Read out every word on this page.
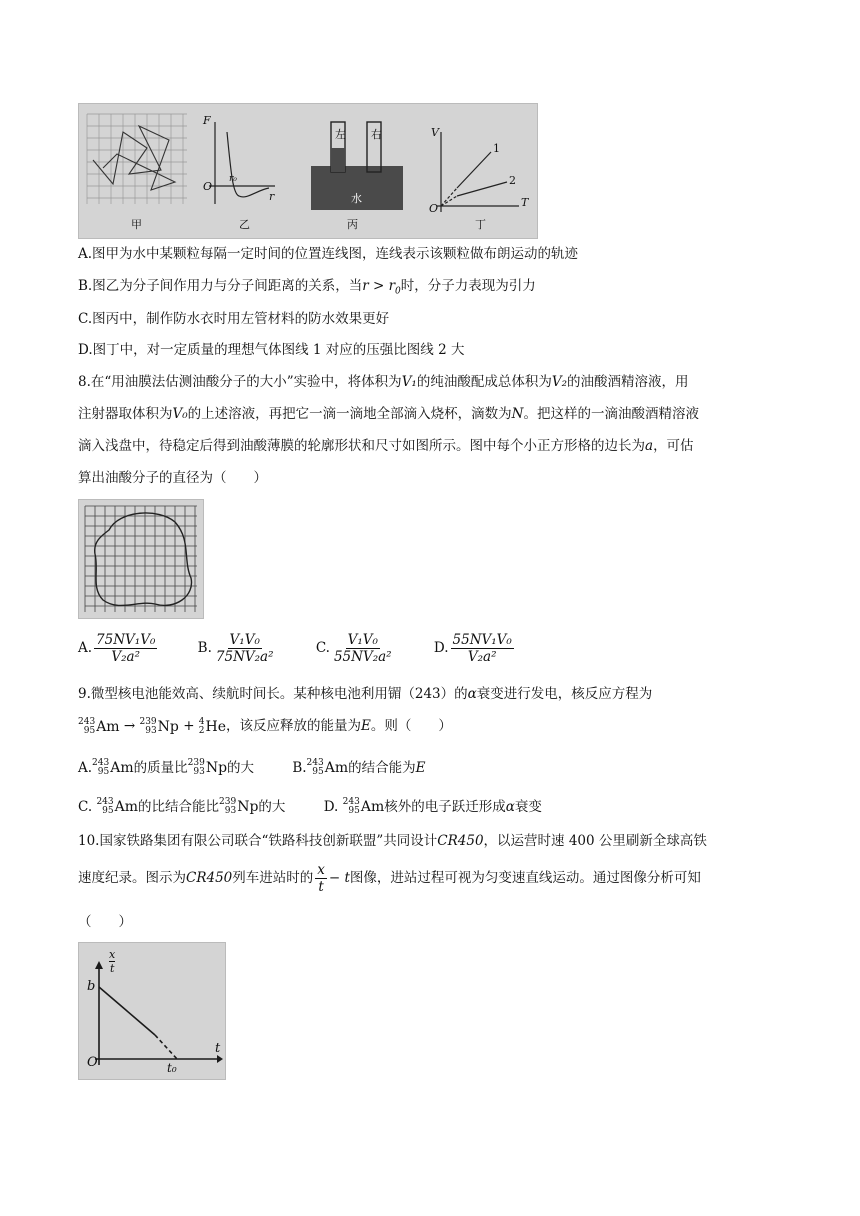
甲	乙	丙	丁
F
O
r₀
r
左 右
水
V
O	T
1
2
A.图甲为水中某颗粒每隔一定时间的位置连线图，连线表示该颗粒做布朗运动的轨迹
B.图乙为分子间作用力与分子间距离的关系，当$r > r_0$时，分子力表现为引力
C.图丙中，制作防水衣时用左管材料的防水效果更好
D.图丁中，对一定质量的理想气体图线 1 对应的压强比图线 2 大
8.在“用油膜法估测油酸分子的大小”实验中，将体积为V₁的纯油酸配成总体积为V₂的油酸酒精溶液，用
注射器取体积为V₀的上述溶液，再把它一滴一滴地全部滴入烧杯，滴数为N。把这样的一滴油酸酒精溶液
滴入浅盘中，待稳定后得到油酸薄膜的轮廓形状和尺寸如图所示。图中每个小正方形格的边长为a，可估
算出油酸分子的直径为（　　）
A. $\frac{\text{75NV₁V₀}}{\text{V₂a²}}$
	B. $\frac{\text{V₁V₀}}{\text{75NV₂a²}}$
	C. $\frac{\text{V₁V₀}}{\text{55NV₂a²}}$
	D. $\frac{\text{55NV₁V₀}}{\text{V₂a²}}$
9.微型核电池能效高、续航时间长。某种核电池利用镅（243）的α衰变进行发电，核反应方程为
243
95 Am → 239
93 Np + 4
2 He ，该反应释放的能量为E。则（　　）
A. 243
95 Am 的质量比 239
93 Np 的大
	B. 243
95 Am 的结合能为 E
C.
243
95 Am 的比结合能比 239
93 Np 的大
	D.
243
95 Am 核外的电子跃迁形成 α 衰变
10.国家铁路集团有限公司联合“铁路科技创新联盟”共同设计CR450，以运营时速 400 公里刷新全球高铁
速度纪录。图示为CR450列车进站时的 $\frac{x}{t} - t$图像，进站过程可视为匀变速直线运动。通过图像分析可知
（　　）
x
t
b
O
t
t₀
